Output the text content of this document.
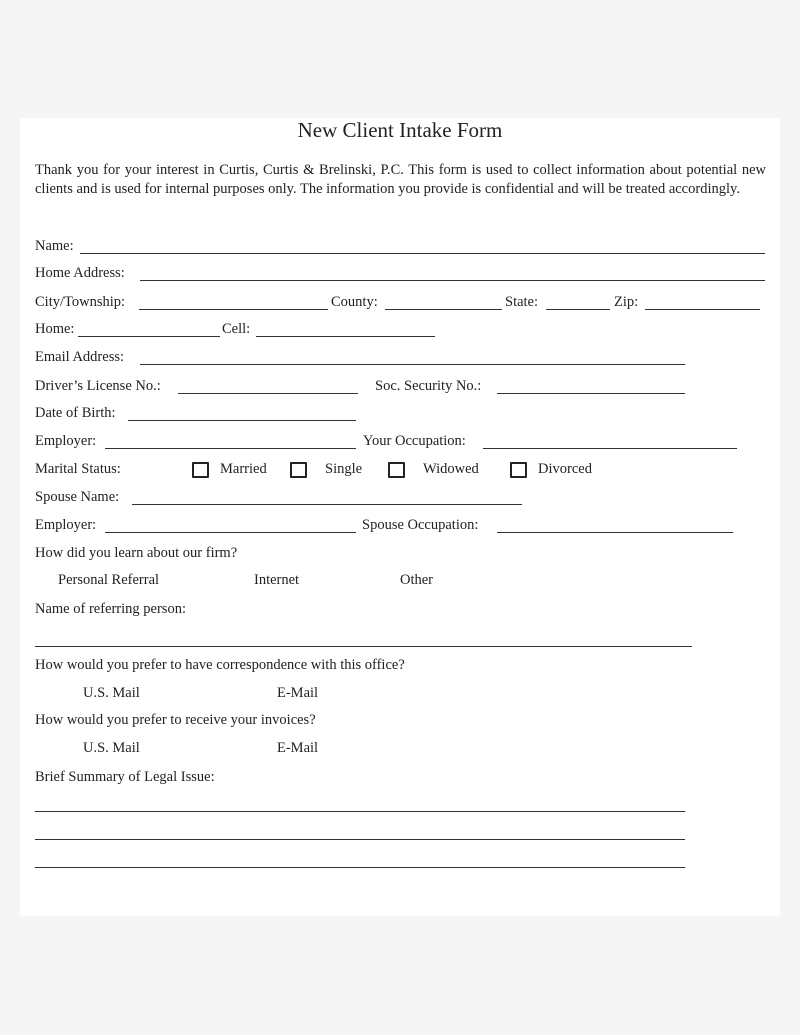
New Client Intake Form
Thank you for your interest in Curtis, Curtis & Brelinski, P.C. This form is used to collect information about potential new clients and is used for internal purposes only. The information you provide is confidential and will be treated accordingly.
Name:
Home Address:
City/Township:	County:	State:	Zip:
Home:	Cell:
Email Address:
Driver’s License No.:	Soc. Security No.:
Date of Birth:
Employer:	Your Occupation:
Marital Status:	Married	Single	Widowed	Divorced
Spouse Name:
Employer:	Spouse Occupation:
How did you learn about our firm?
Personal Referral	Internet	Other
Name of referring person:
How would you prefer to have correspondence with this office?
U.S. Mail	E-Mail
How would you prefer to receive your invoices?
U.S. Mail	E-Mail
Brief Summary of Legal Issue:
